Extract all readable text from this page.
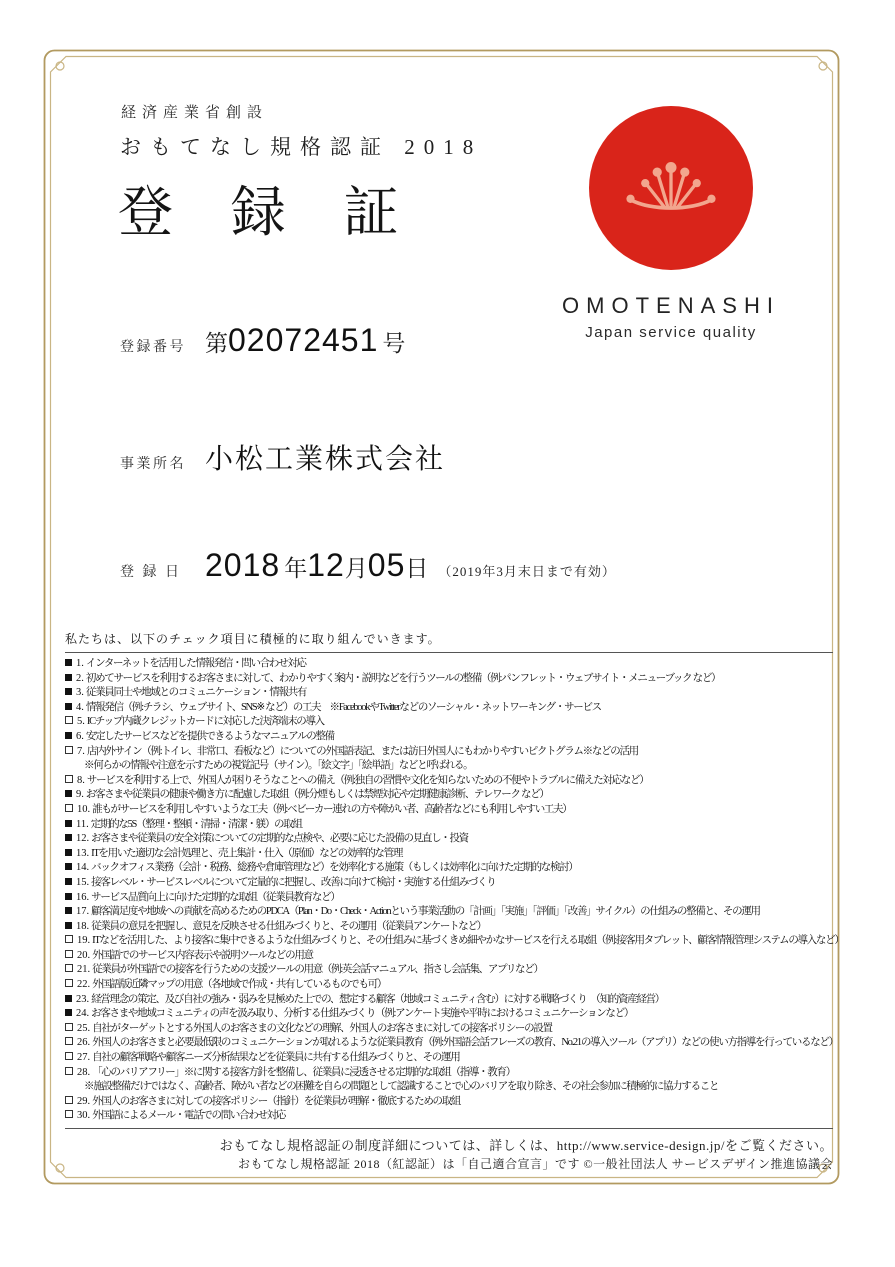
経済産業省創設
おもてなし規格認証 2018
登 録 証
OMOTENASHI
Japan service quality
登録番号 第02072451 号
事業所名 小松工業株式会社
登 録 日 2018 年12月05日 （2019年3月末日まで有効）
私たちは、以下のチェック項目に積極的に取り組んでいきます。
1. インターネットを活用した情報発信・問い合わせ対応
2. 初めてサービスを利用するお客さまに対して、わかりやすく案内・説明などを行うツールの整備（例:パンフレット・ウェブサイト・メニューブック など）
3. 従業員同士や地域とのコミュニケーション・情報共有
4. 情報発信（例:チラシ、ウェブサイト、SNS※ など）の工夫　※FacebookやTwitterなどのソーシャル・ネットワーキング・サービス
5. ICチップ内蔵クレジットカードに対応した決済端末の導入
6. 安定したサービスなどを提供できるようなマニュアルの整備
7. 店内外サイン（例:トイレ、非常口、看板など）についての外国語表記、または訪日外国人にもわかりやすいピクトグラム※などの活用
※何らかの情報や注意を示すための視覚記号（サイン）。「絵文字」「絵単語」などと呼ばれる。
8. サービスを利用する上で、外国人が困りそうなことへの備え（例:独自の習慣や文化を知らないための不便やトラブルに備えた対応など）
9. お客さまや従業員の健康や働き方に配慮した取組（例:分煙もしくは禁煙対応や定期健康診断、テレワーク など）
10. 誰もがサービスを利用しやすいような工夫（例:ベビーカー連れの方や障がい者、高齢者などにも利用しやすい工夫）
11. 定期的な5S（整理・整頓・清掃・清潔・躾）の取組
12. お客さまや従業員の安全対策についての定期的な点検や、必要に応じた設備の見直し・投資
13. ITを用いた適切な会計処理と、売上集計・仕入（原価）などの効率的な管理
14. バックオフィス業務（会計・税務、総務や倉庫管理など）を効率化する施策（もしくは効率化に向けた定期的な検討）
15. 接客レベル・サービスレベルについて定量的に把握し、改善に向けて検討・実施する仕組みづくり
16. サービス品質向上に向けた定期的な取組（従業員教育など）
17. 顧客満足度や地域への貢献を高めるためのPDCA（Plan・Do・Check・Actionという事業活動の「計画」「実施」「評価」「改善」サイクル）の仕組みの整備と、その運用
18. 従業員の意見を把握し、意見を反映させる仕組みづくりと、その運用（従業員アンケートなど）
19. ITなどを活用した、より接客に集中できるような仕組みづくりと、その仕組みに基づくきめ細やかなサービスを行える取組（例:接客用タブレット、顧客情報管理システムの導入など）
20. 外国語でのサービス内容表示や説明ツールなどの用意
21. 従業員が外国語での接客を行うための支援ツールの用意（例:英会話マニュアル、指さし会話集、アプリなど）
22. 外国語版近隣マップの用意（各地域で作成・共有しているものでも可）
23. 経営理念の策定、及び自社の強み・弱みを見極めた上での、想定する顧客（地域コミュニティ含む）に対する戦略づくり　（知的資産経営）
24. お客さまや地域コミュニティの声を汲み取り、分析する仕組みづくり（例:アンケート実施や平時におけるコミュニケーションなど）
25. 自社がターゲットとする外国人のお客さまの文化などの理解、外国人のお客さまに対しての接客ポリシーの設置
26. 外国人のお客さまと必要最低限のコミュニケーションが取れるような従業員教育（例:外国語会話フレーズの教育、No.21の導入ツール（アプリ）などの使い方指導を行っているなど）
27. 自社の顧客戦略や顧客ニーズ分析結果などを従業員に共有する仕組みづくりと、その運用
28. 「心のバリアフリー」※に関する接客方針を整備し、従業員に浸透させる定期的な取組（指導・教育）
※施設整備だけではなく、高齢者、障がい者などの困難を自らの問題として認識することで心のバリアを取り除き、その社会参加に積極的に協力すること
29. 外国人のお客さまに対しての接客ポリシー（指針）を従業員が理解・徹底するための取組
30. 外国語によるメール・電話での問い合わせ対応
おもてなし規格認証の制度詳細については、詳しくは、http://www.service-design.jp/をご覧ください。
おもてなし規格認証 2018（紅認証）は「自己適合宣言」です ©一般社団法人 サービスデザイン推進協議会
